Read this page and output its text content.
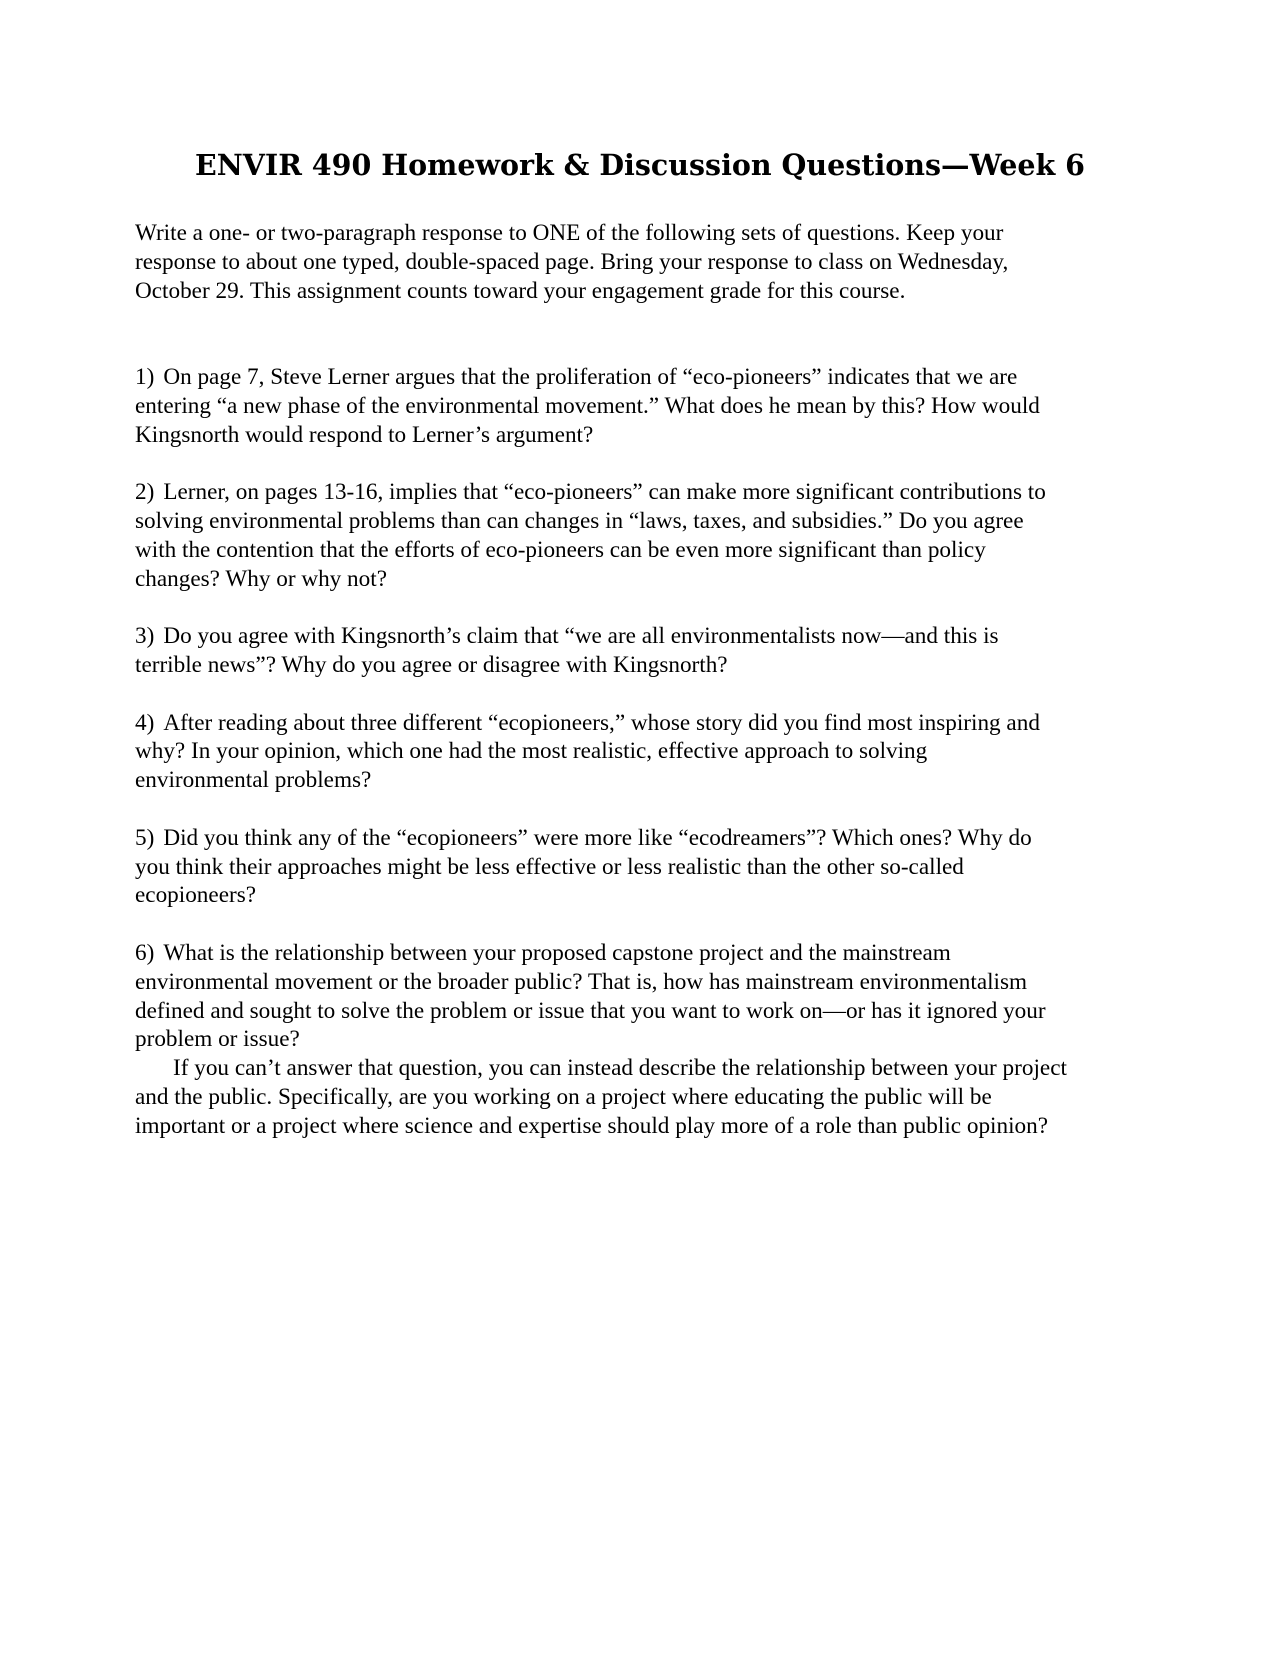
ENVIR 490 Homework & Discussion Questions—Week 6
Write a one- or two-paragraph response to ONE of the following sets of questions. Keep your
response to about one typed, double-spaced page. Bring your response to class on Wednesday,
October 29. This assignment counts toward your engagement grade for this course.
1) On page 7, Steve Lerner argues that the proliferation of “eco-pioneers” indicates that we are
entering “a new phase of the environmental movement.” What does he mean by this? How would
Kingsnorth would respond to Lerner’s argument?
2) Lerner, on pages 13-16, implies that “eco-pioneers” can make more significant contributions to
solving environmental problems than can changes in “laws, taxes, and subsidies.” Do you agree
with the contention that the efforts of eco-pioneers can be even more significant than policy
changes? Why or why not?
3) Do you agree with Kingsnorth’s claim that “we are all environmentalists now—and this is
terrible news”? Why do you agree or disagree with Kingsnorth?
4) After reading about three different “ecopioneers,” whose story did you find most inspiring and
why? In your opinion, which one had the most realistic, effective approach to solving
environmental problems?
5) Did you think any of the “ecopioneers” were more like “ecodreamers”? Which ones? Why do
you think their approaches might be less effective or less realistic than the other so-called
ecopioneers?
6) What is the relationship between your proposed capstone project and the mainstream
environmental movement or the broader public? That is, how has mainstream environmentalism
defined and sought to solve the problem or issue that you want to work on—or has it ignored your
problem or issue?
If you can’t answer that question, you can instead describe the relationship between your project
and the public. Specifically, are you working on a project where educating the public will be
important or a project where science and expertise should play more of a role than public opinion?
